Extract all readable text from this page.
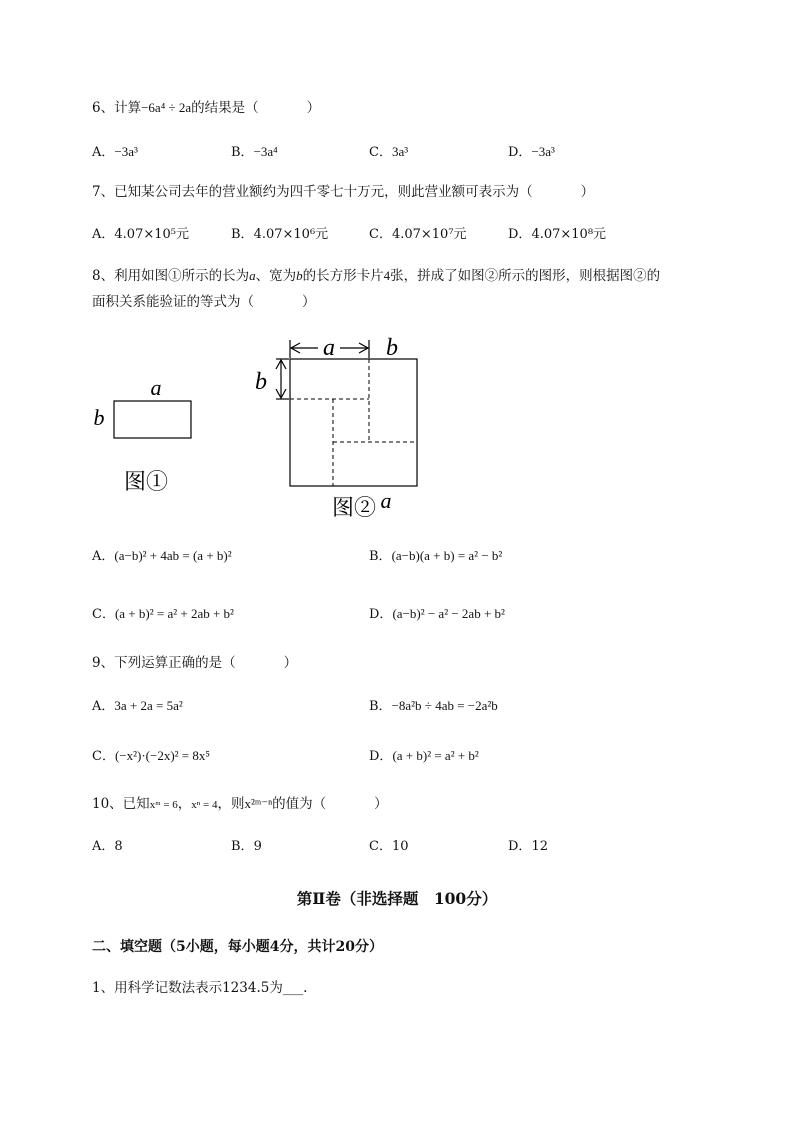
6、计算−6a⁴ ÷ 2a的结果是（	）
A．−3a³	B．−3a⁴	C．3a³	D．−3a³
7、已知某公司去年的营业额约为四千零七十万元，则此营业额可表示为（	）
A．4.07×10⁵元	B．4.07×10⁶元	C．4.07×10⁷元	D．4.07×10⁸元
8、利用如图①所示的长为a、宽为b的长方形卡片4张，拼成了如图②所示的图形，则根据图②的
面积关系能验证的等式为（	）
a
b
图①
a b
b
图② a
A．(a−b)² + 4ab = (a + b)²	B．(a−b)(a + b) = a² − b²
C．(a + b)² = a² + 2ab + b²	D．(a−b)² − a² − 2ab + b²
9、下列运算正确的是（	）
A．3a + 2a = 5a²	B．−8a²b ÷ 4ab = −2a²b
C．(−x²)·(−2x)² = 8x⁵	D．(a + b)² = a² + b²
10、已知xᵐ = 6，xⁿ = 4，则x²ᵐ⁻ⁿ的值为（	）
A．8	B．9	C．10	D．12
第Ⅱ卷（非选择题　100分）
二、填空题（5小题，每小题4分，共计20分）
1、用科学记数法表示1234.5为___.
